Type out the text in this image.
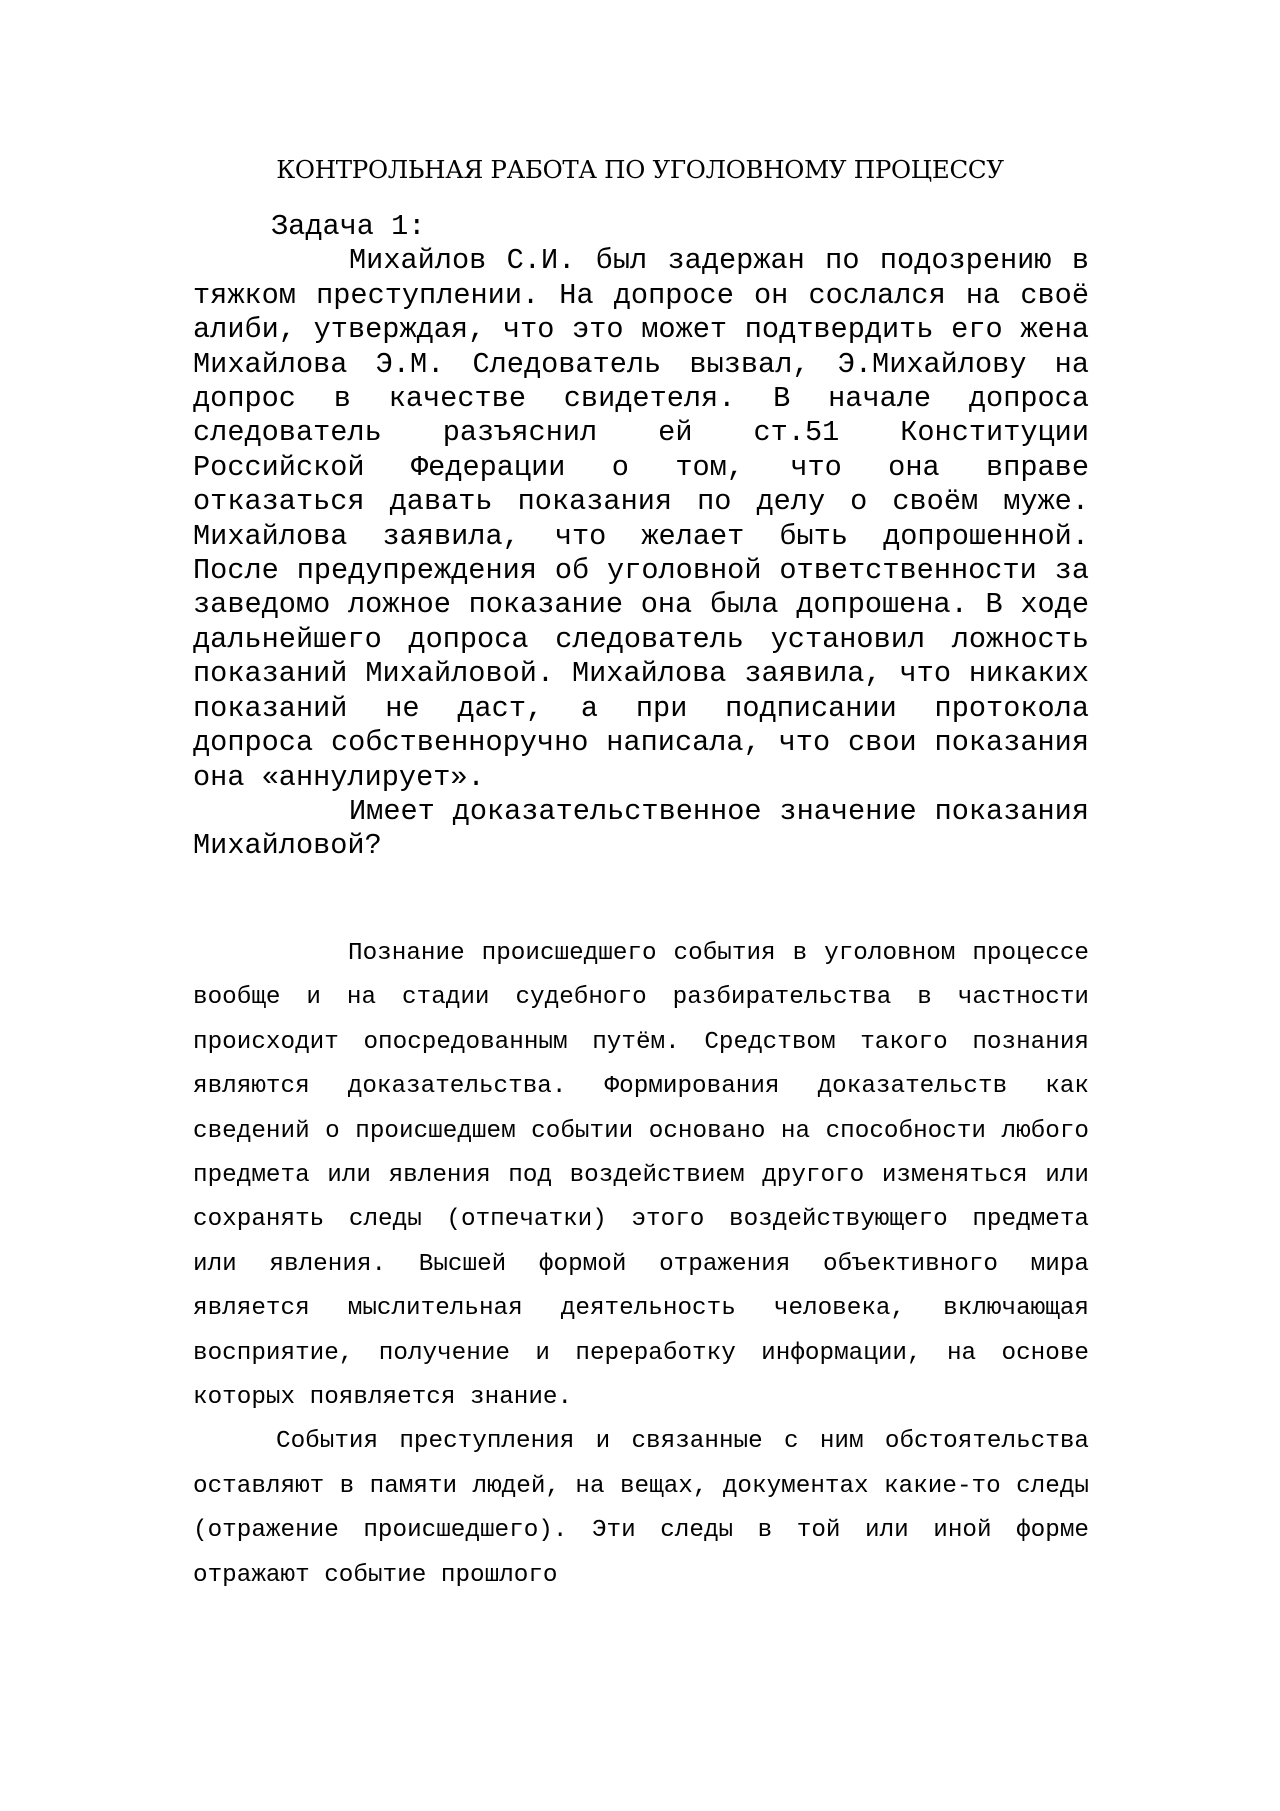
КОНТРОЛЬНАЯ РАБОТА ПО УГОЛОВНОМУ ПРОЦЕССУ
Задача 1:

Михайлов С.И. был задержан по подозрению в тяжком преступлении. На допросе он сослался на своё алиби, утверждая, что это может подтвердить его жена Михайлова Э.М. Следователь вызвал, Э.Михайлову на допрос в качестве свидетеля. В начале допроса следователь разъяснил ей ст.51 Конституции Российской Федерации о том, что она вправе отказаться давать показания по делу о своём муже. Михайлова заявила, что желает быть допрошенной. После предупреждения об уголовной ответственности за заведомо ложное показание она была допрошена. В ходе дальнейшего допроса следователь установил ложность показаний Михайловой. Михайлова заявила, что никаких показаний не даст, а при подписании протокола допроса собственноручно написала, что свои показания она «аннулирует».

Имеет доказательственное значение показания Михайловой?

Познание происшедшего события в уголовном процессе вообще и на стадии судебного разбирательства в частности происходит опосредованным путём. Средством такого познания являются доказательства. Формирования доказательств как сведений о происшедшем событии основано на способности любого предмета или явления под воздействием другого изменяться или сохранять следы (отпечатки) этого воздействующего предмета или явления. Высшей формой отражения объективного мира является мыслительная деятельность человека, включающая восприятие, получение и переработку информации, на основе которых появляется знание.

События преступления и связанные с ним обстоятельства оставляют в памяти людей, на вещах, документах какие-то следы (отражение происшедшего). Эти следы в той или иной форме отражают событие прошлого
